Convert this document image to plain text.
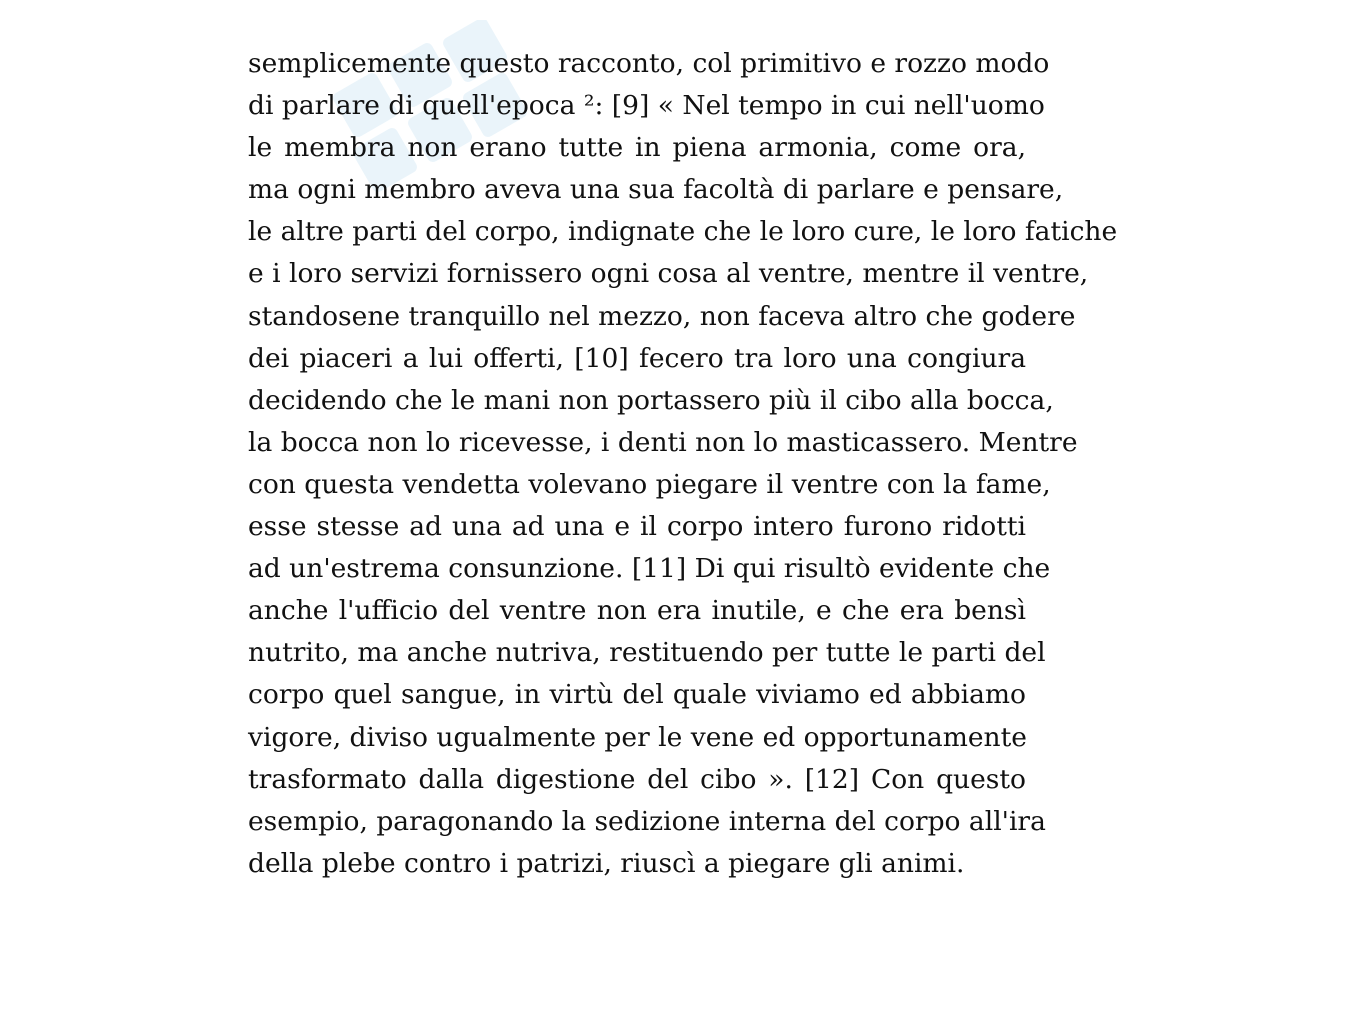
semplicemente questo racconto, col primitivo e rozzo modo
di parlare di quell'epoca ²: [9] « Nel tempo in cui nell'uomo
le membra non erano tutte in piena armonia, come ora,
ma ogni membro aveva una sua facoltà di parlare e pensare,
le altre parti del corpo, indignate che le loro cure, le loro fatiche
e i loro servizi fornissero ogni cosa al ventre, mentre il ventre,
standosene tranquillo nel mezzo, non faceva altro che godere
dei piaceri a lui offerti, [10] fecero tra loro una congiura
decidendo che le mani non portassero più il cibo alla bocca,
la bocca non lo ricevesse, i denti non lo masticassero. Mentre
con questa vendetta volevano piegare il ventre con la fame,
esse stesse ad una ad una e il corpo intero furono ridotti
ad un'estrema consunzione. [11] Di qui risultò evidente che
anche l'ufficio del ventre non era inutile, e che era bensì
nutrito, ma anche nutriva, restituendo per tutte le parti del
corpo quel sangue, in virtù del quale viviamo ed abbiamo
vigore, diviso ugualmente per le vene ed opportunamente
trasformato dalla digestione del cibo ». [12] Con questo
esempio, paragonando la sedizione interna del corpo all'ira
della plebe contro i patrizi, riuscì a piegare gli animi.
